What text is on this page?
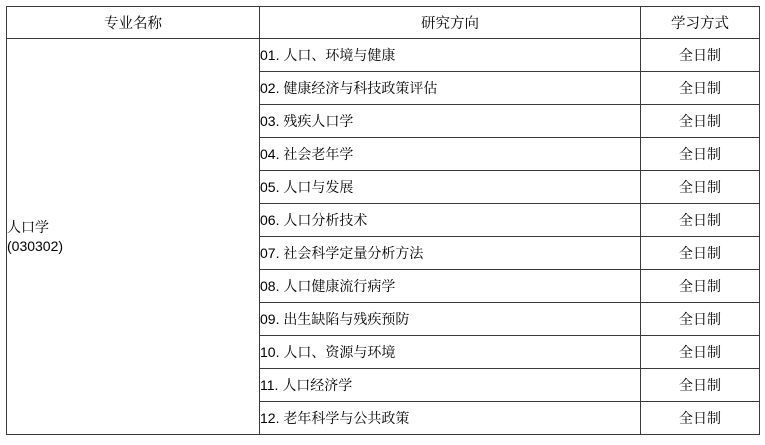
专业名称	研究方向	学习方式

人口学
(030302)	01. 人口、环境与健康	全日制
	02. 健康经济与科技政策评估	全日制
	03. 残疾人口学	全日制
	04. 社会老年学	全日制
	05. 人口与发展	全日制
	06. 人口分析技术	全日制
	07. 社会科学定量分析方法	全日制
	08. 人口健康流行病学	全日制
	09. 出生缺陷与残疾预防	全日制
	10. 人口、资源与环境	全日制
	11. 人口经济学	全日制
	12. 老年科学与公共政策	全日制
